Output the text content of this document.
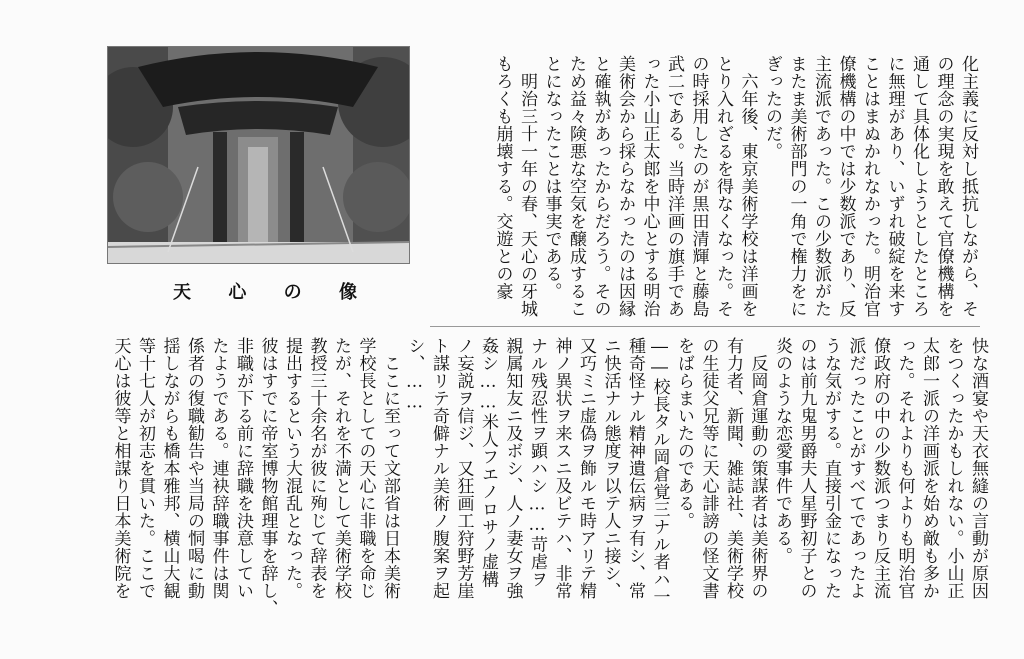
天 心 の 像	化主義に反対し抵抗しながら、そ
の理念の実現を敢えて官僚機構を
通して具体化しようとしたところ
に無理があり、いずれ破綻を来す
ことはまぬかれなかった。明治官
僚機構の中では少数派であり、反
主流派であった。この少数派がた
またま美術部門の一角で権力をに
ぎったのだ。
　六年後、東京美術学校は洋画を
とり入れざるを得なくなった。そ
の時採用したのが黒田清輝と藤島
武二である。当時洋画の旗手であ
った小山正太郎を中心とする明治
美術会から採らなかったのは因縁
と確執があったからだろう。その
ため益々険悪な空気を醸成するこ
とになったことは事実である。
　明治三十一年の春、天心の牙城
もろくも崩壊する。交遊との豪
快な酒宴や天衣無縫の言動が原因
をつくったかもしれない。小山正
太郎一派の洋画派を始め敵も多か
った。それよりも何よりも明治官
僚政府の中の少数派つまり反主流
派だったことがすべてであったよ
うな気がする。直接引金になった
のは前九鬼男爵夫人星野初子との
炎のような恋愛事件である。
　反岡倉運動の策謀者は美術界の
有力者、新聞、雑誌社、美術学校
の生徒父兄等に天心誹謗の怪文書
をばらまいたのである。
――校長タル岡倉覚三ナル者ハ一
種奇怪ナル精神遺伝病ヲ有シ、常
ニ快活ナル態度ヲ以テ人ニ接シ、
又巧ミニ虚偽ヲ飾ルモ時アリテ精
神ノ異状ヲ来スニ及ビテハ、非常
ナル残忍性ヲ顕ハシ……苛虐ヲ
親属知友ニ及ボシ、人ノ妻女ヲ強
姦シ……米人フエノロサノ虚構
ノ妄説ヲ信ジ、又狂画工狩野芳崖
ト謀リテ奇僻ナル美術ノ腹案ヲ起
シ、……
　ここに至って文部省は日本美術
学校長としての天心に非職を命じ
たが、それを不満として美術学校
教授三十余名が彼に殉じて辞表を
提出するという大混乱となった。
彼はすでに帝室博物館理事を辞し、
非職が下る前に辞職を決意してい
たようである。連袂辞職事件は関
係者の復職勧告や当局の恫喝に動
揺しながらも橋本雅邦、横山大観
等十七人が初志を貫いた。ここで
天心は彼等と相謀り日本美術院を
